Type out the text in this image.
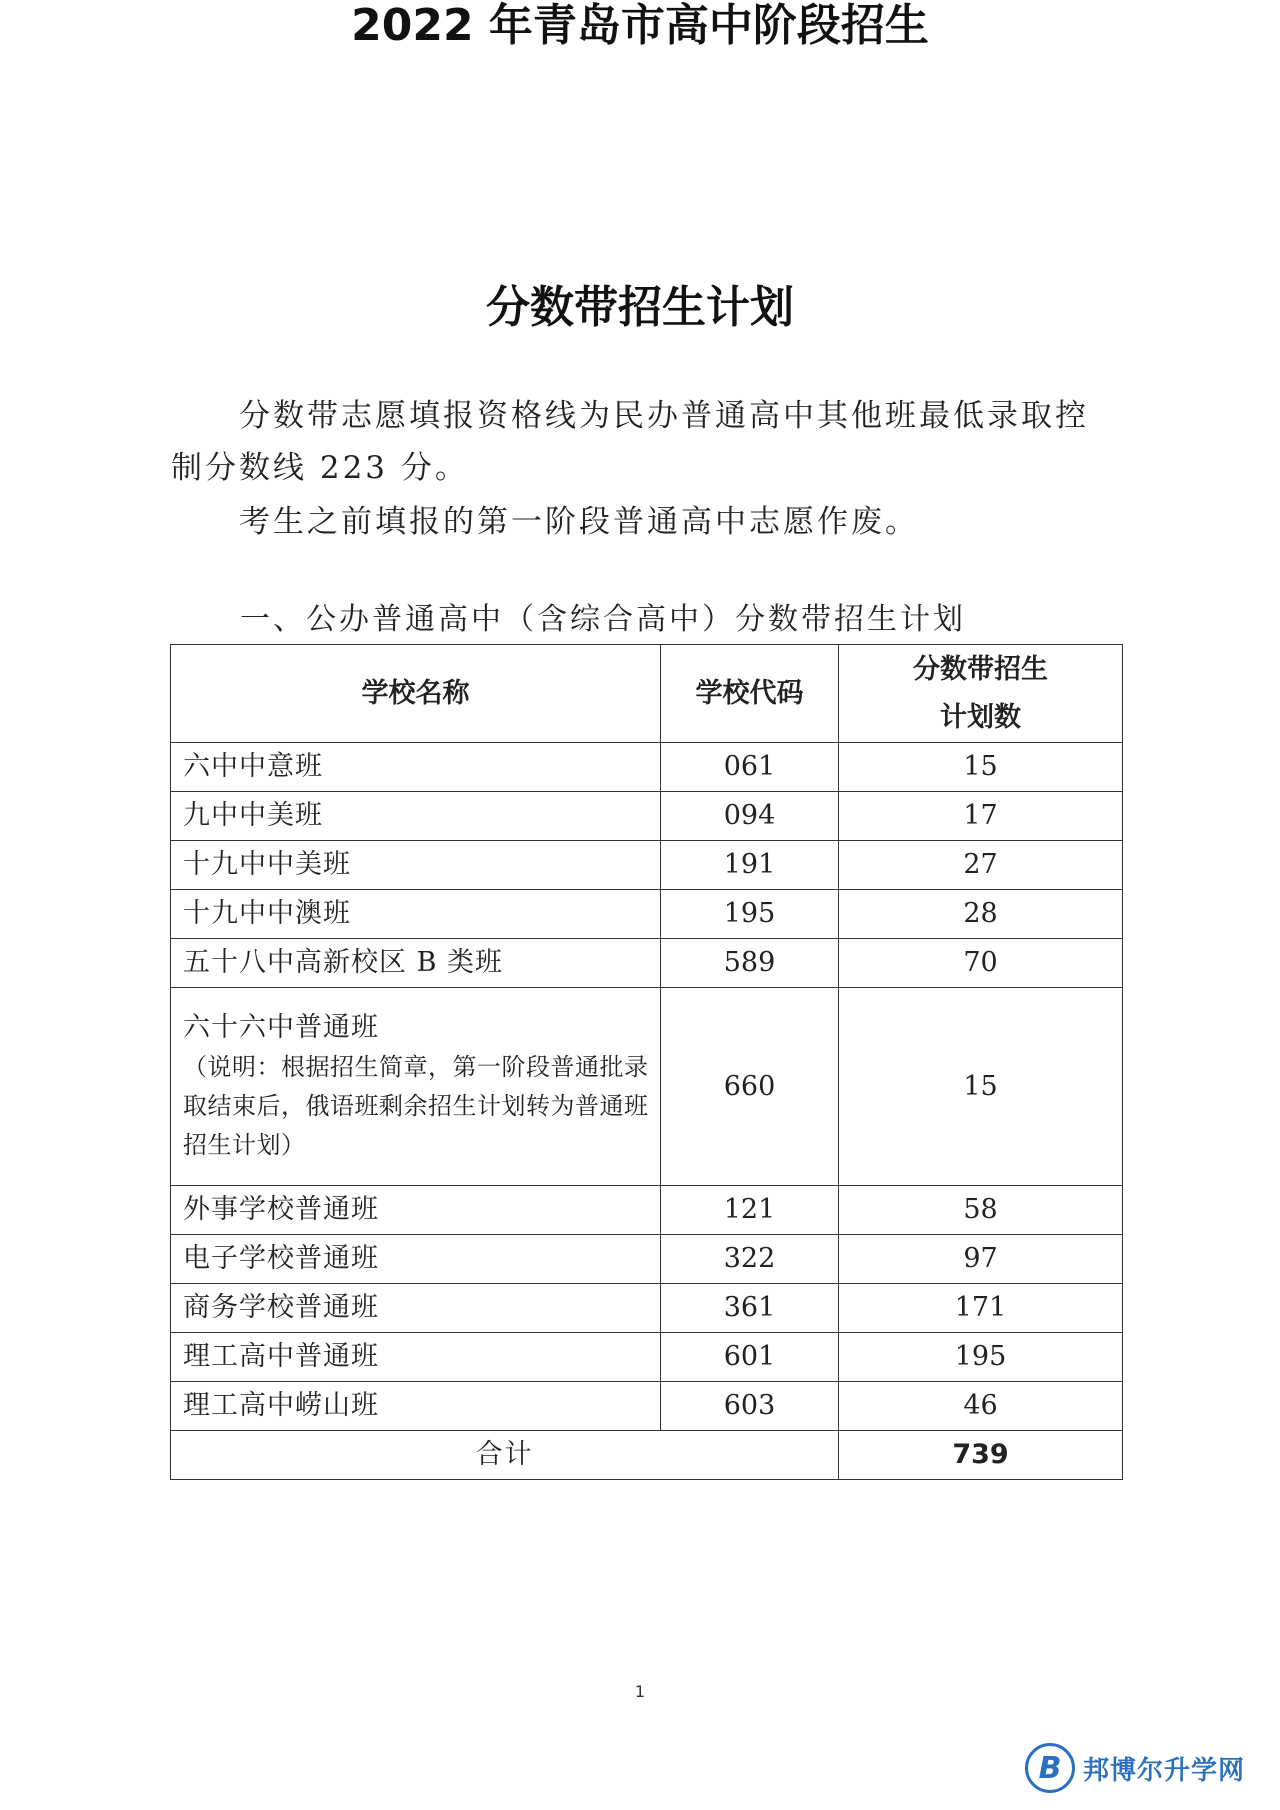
2022 年青岛市高中阶段招生
分数带招生计划
分数带志愿填报资格线为民办普通高中其他班最低录取控制分数线 223 分。
考生之前填报的第一阶段普通高中志愿作废。
一、公办普通高中（含综合高中）分数带招生计划
学校名称	学校代码	分数带招生
计划数

六中中意班	061	15
九中中美班	094	17
十九中中美班	191	27
十九中中澳班	195	28
五十八中高新校区 B 类班	589	70

六十六中普通班
（说明：根据招生简章，第一阶段普通批录取结束后，俄语班剩余招生计划转为普通班招生计划）	660	15
外事学校普通班	121	58
电子学校普通班	322	97
商务学校普通班	361	171
理工高中普通班	601	195
理工高中崂山班	603	46
合计		739
1
B 邦博尔升学网
